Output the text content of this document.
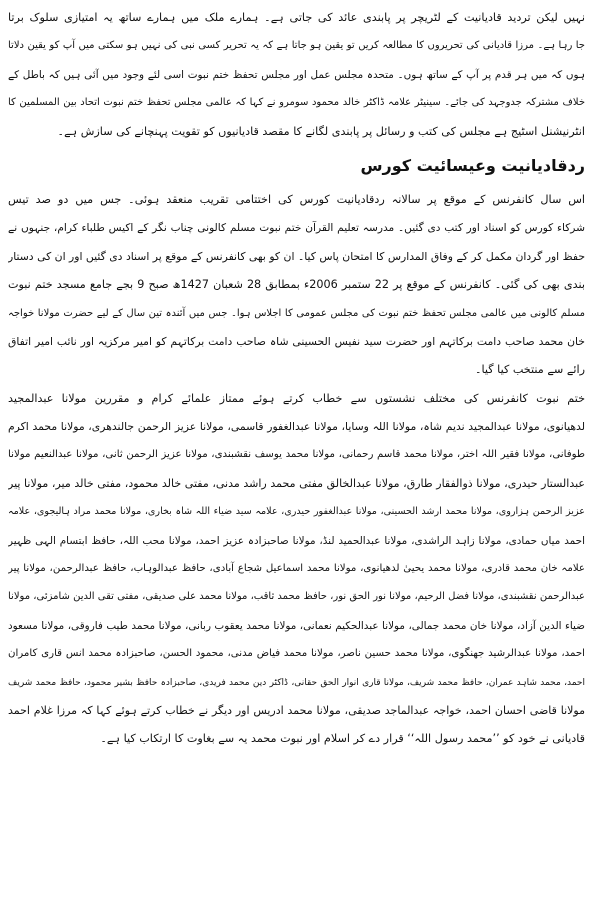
نہیں لیکن تردید قادیانیت کے لٹریچر پر پابندی عائد کی جاتی ہے۔ ہمارے ملک میں ہمارے ساتھ یہ امتیازی سلوک برتا
جا رہا ہے۔ مرزا قادیانی کی تحریروں کا مطالعہ کریں تو یقین ہو جاتا ہے کہ یہ تحریر کسی نبی کی نہیں ہو سکتی میں آپ کو یقین دلاتا
ہوں کہ میں ہر قدم پر آپ کے ساتھ ہوں۔ متحدہ مجلس عمل اور مجلس تحفظ ختم نبوت اسی لئے وجود میں آئی ہیں کہ باطل کے
خلاف مشترکہ جدوجہد کی جائے۔ سینیٹر علامہ ڈاکٹر خالد محمود سومرو نے کہا کہ عالمی مجلس تحفظ ختم نبوت اتحاد بین المسلمین کا
انٹرنیشنل اسٹیج ہے مجلس کی کتب و رسائل پر پابندی لگانے کا مقصد قادیانیوں کو تقویت پہنچانے کی سازش ہے۔
ردقادیانیت وعیسائیت کورس
اس سال کانفرنس کے موقع پر سالانہ ردقادیانیت کورس کی اختتامی تقریب منعقد ہوئی۔ جس میں دو صد تیس
شرکاء کورس کو اسناد اور کتب دی گئیں۔ مدرسہ تعلیم القرآن ختم نبوت مسلم کالونی چناب نگر کے اکیس طلباء کرام، جنہوں نے
حفظ اور گردان مکمل کر کے وفاق المدارس کا امتحان پاس کیا۔ ان کو بھی کانفرنس کے موقع پر اسناد دی گئیں اور ان کی دستار
بندی بھی کی گئی۔ کانفرنس کے موقع پر 22 ستمبر 2006ء بمطابق 28 شعبان 1427ھ صبح 9 بجے جامع مسجد ختم نبوت
مسلم کالونی میں عالمی مجلس تحفظ ختم نبوت کی مجلس عمومی کا اجلاس ہوا۔ جس میں آئندہ تین سال کے لیے حضرت مولانا خواجہ
خان محمد صاحب دامت برکاتہم اور حضرت سید نفیس الحسینی شاہ صاحب دامت برکاتہم کو امیر مرکزیہ اور نائب امیر اتفاق
رائے سے منتخب کیا گیا۔
ختم نبوت کانفرنس کی مختلف نشستوں سے خطاب کرتے ہوئے ممتاز علمائے کرام و مقررین مولانا عبدالمجید
لدھیانوی، مولانا عبدالمجید ندیم شاہ، مولانا اللہ وسایا، مولانا عبدالغفور قاسمی، مولانا عزیز الرحمن جالندھری، مولانا محمد اکرم
طوفانی، مولانا فقیر اللہ اختر، مولانا محمد قاسم رحمانی، مولانا محمد یوسف نقشبندی، مولانا عزیز الرحمن ثانی، مولانا عبدالنعیم مولانا
عبدالستار حیدری، مولانا ذوالفقار طارق، مولانا عبدالخالق مفتی محمد راشد مدنی، مفتی خالد محمود، مفتی خالد میر، مولانا پیر
عزیز الرحمن ہزاروی، مولانا محمد ارشد الحسینی، مولانا عبدالغفور حیدری، علامہ سید ضیاء اللہ شاہ بخاری، مولانا محمد مراد ہالیجوی، علامہ
احمد میاں حمادی، مولانا زاہد الراشدی، مولانا عبدالحمید لنڈ، مولانا صاحبزادہ عزیز احمد، مولانا محب اللہ، حافظ ابتسام الہی ظہیر
علامہ خان محمد قادری، مولانا محمد یحییٰ لدھیانوی، مولانا محمد اسماعیل شجاع آبادی، حافظ عبدالوہاب، حافظ عبدالرحمن، مولانا پیر
عبدالرحمن نقشبندی، مولانا فضل الرحیم، مولانا نور الحق نور، حافظ محمد ثاقب، مولانا محمد علی صدیقی، مفتی تقی الدین شامزئی، مولانا
ضیاء الدین آزاد، مولانا خان محمد جمالی، مولانا عبدالحکیم نعمانی، مولانا محمد یعقوب ربانی، مولانا محمد طیب فاروقی، مولانا مسعود
احمد، مولانا عبدالرشید جھنگوی، مولانا محمد حسین ناصر، مولانا محمد فیاض مدنی، محمود الحسن، صاحبزادہ محمد انس قاری کامران
احمد، محمد شاہد عمران، حافظ محمد شریف، مولانا قاری انوار الحق حقانی، ڈاکٹر دین محمد فریدی، صاحبزادہ حافظ بشیر محمود، حافظ محمد شریف
مولانا قاضی احسان احمد، خواجہ عبدالماجد صدیقی، مولانا محمد ادریس اور دیگر نے خطاب کرتے ہوئے کہا کہ مرزا غلام احمد
قادیانی نے خود کو ’’محمد رسول اللہ‘‘ قرار دے کر اسلام اور نبوت محمد یہ سے بغاوت کا ارتکاب کیا ہے۔
